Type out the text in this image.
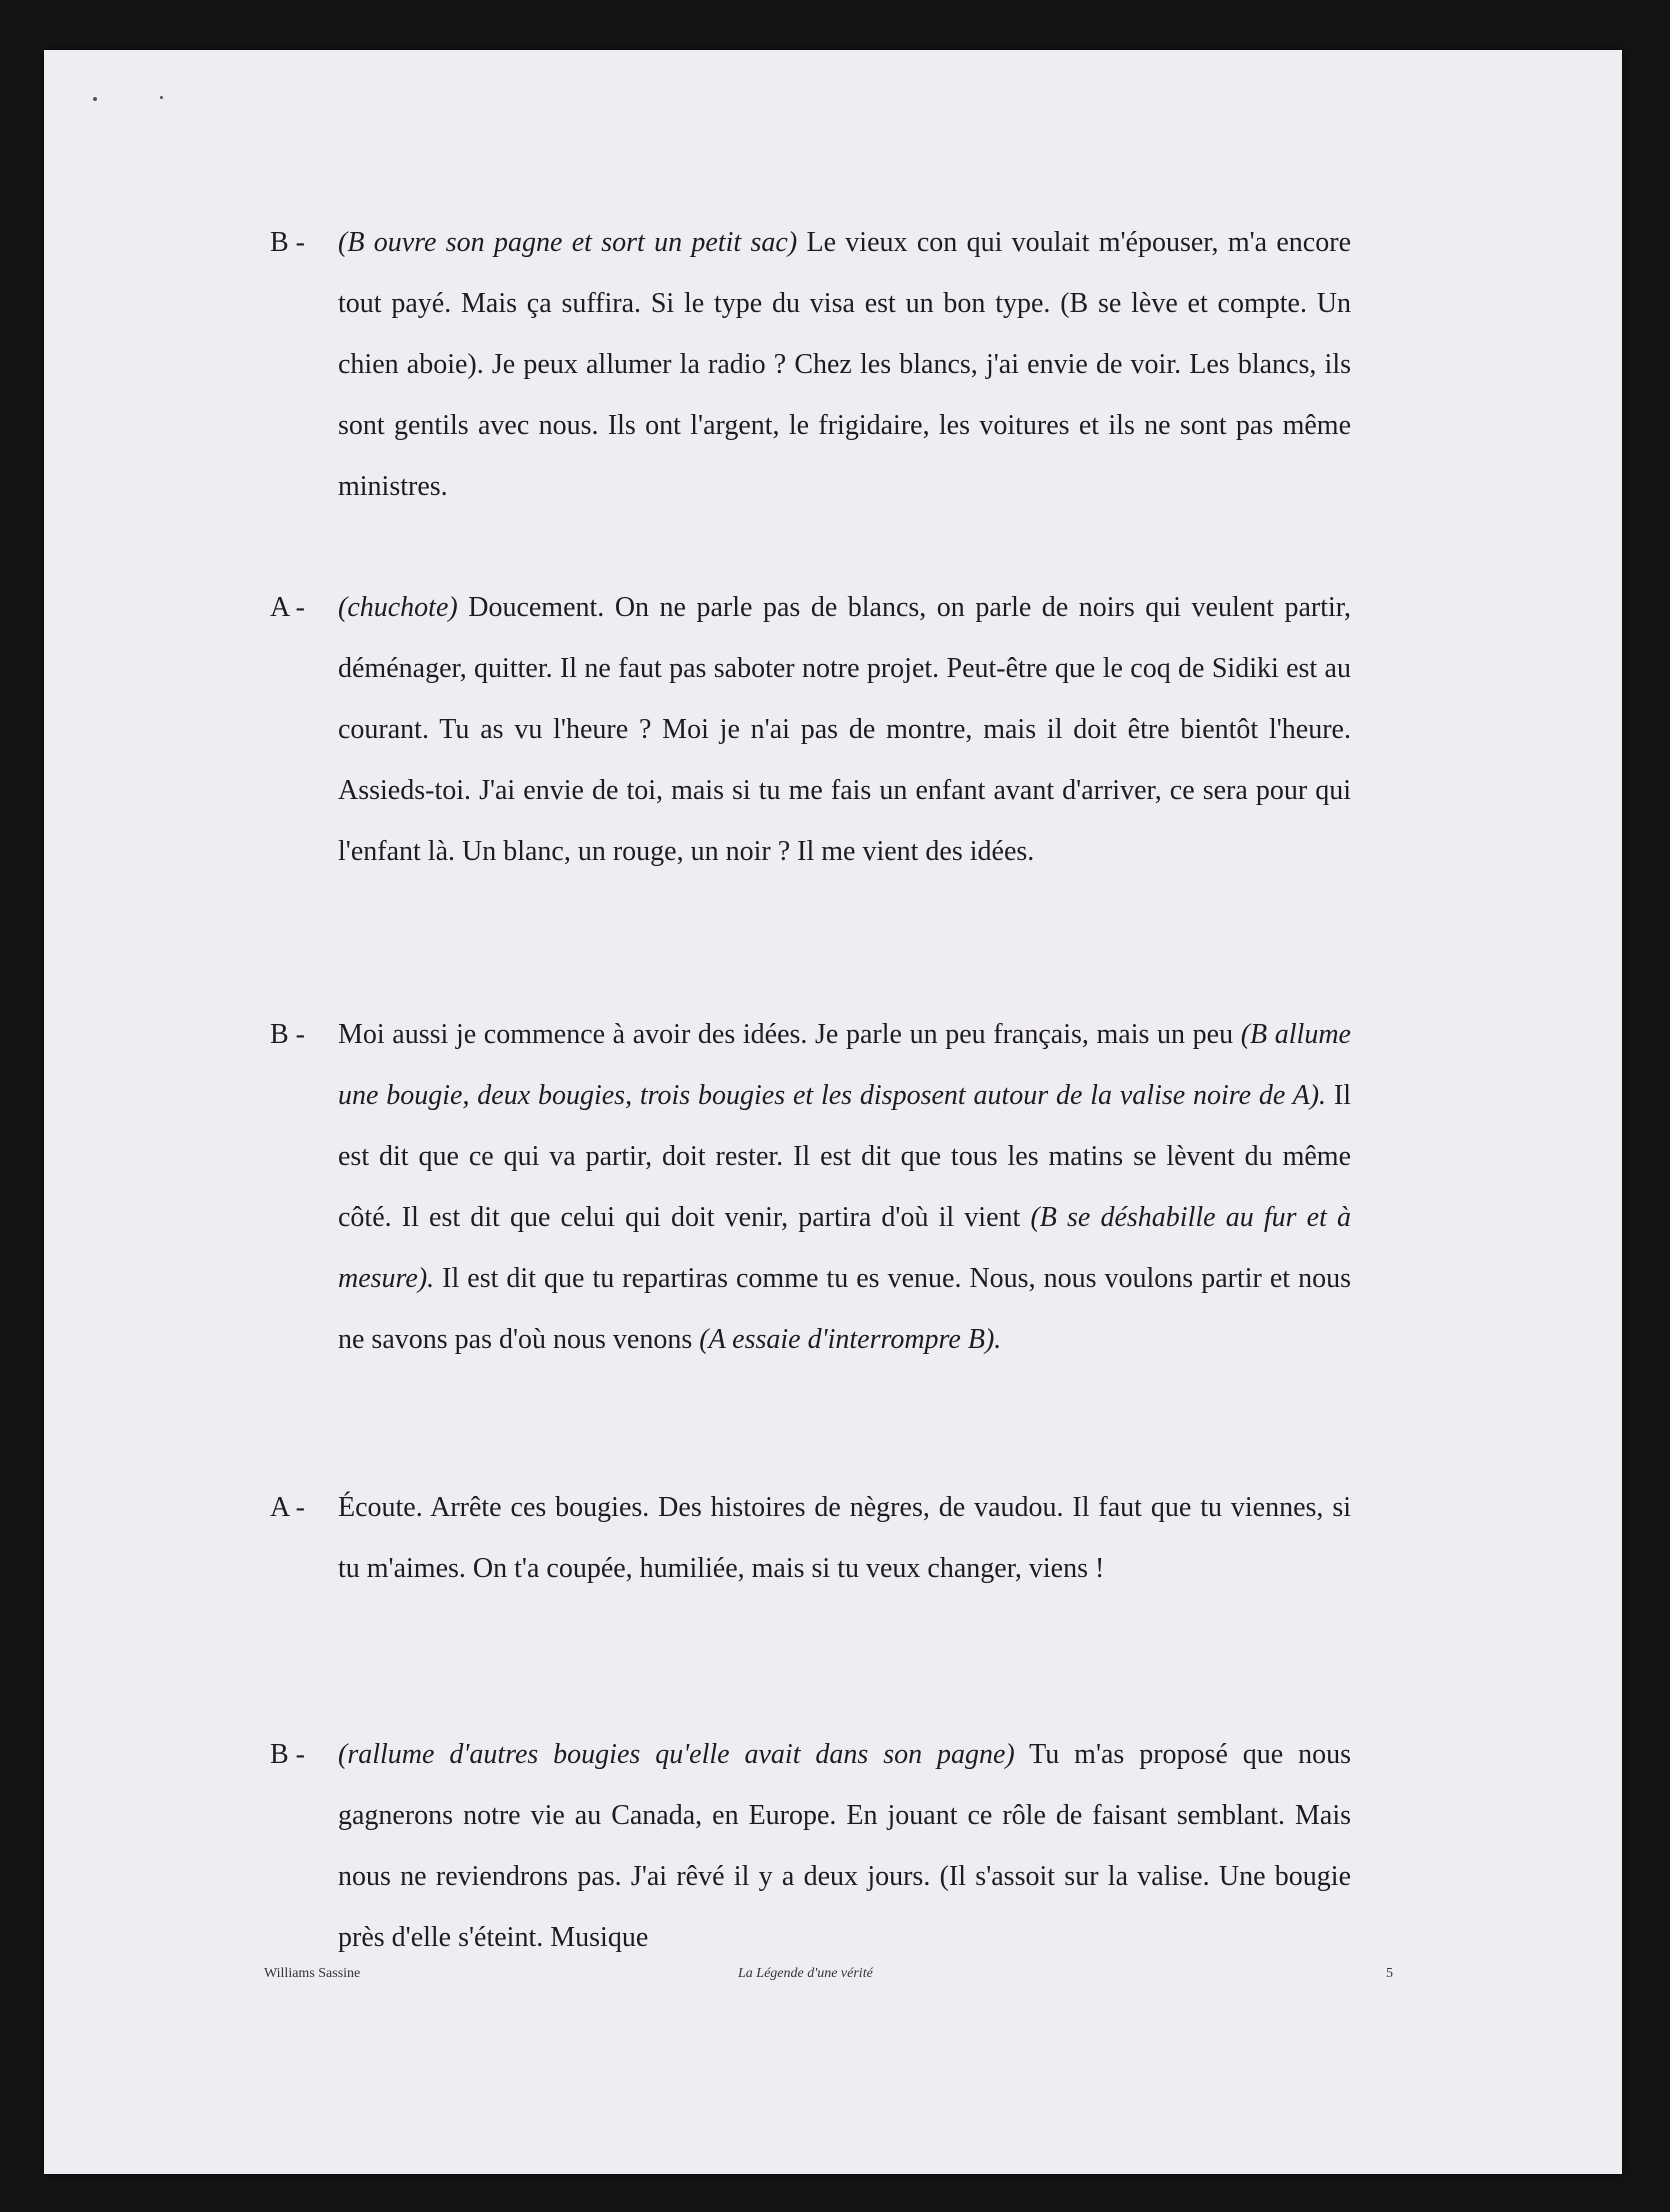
B -	(B ouvre son pagne et sort un petit sac) Le vieux con qui voulait m'épouser, m'a encore tout payé. Mais ça suffira. Si le type du visa est un bon type. (B se lève et compte. Un chien aboie). Je peux allumer la radio ? Chez les blancs, j'ai envie de voir. Les blancs, ils sont gentils avec nous. Ils ont l'argent, le frigidaire, les voitures et ils ne sont pas même ministres.
A -	(chuchote) Doucement. On ne parle pas de blancs, on parle de noirs qui veulent partir, déménager, quitter. Il ne faut pas saboter notre projet. Peut-être que le coq de Sidiki est au courant. Tu as vu l'heure ? Moi je n'ai pas de montre, mais il doit être bientôt l'heure. Assieds-toi. J'ai envie de toi, mais si tu me fais un enfant avant d'arriver, ce sera pour qui l'enfant là. Un blanc, un rouge, un noir ? Il me vient des idées.
B -	Moi aussi je commence à avoir des idées. Je parle un peu français, mais un peu (B allume une bougie, deux bougies, trois bougies et les disposent autour de la valise noire de A). Il est dit que ce qui va partir, doit rester. Il est dit que tous les matins se lèvent du même côté. Il est dit que celui qui doit venir, partira d'où il vient (B se déshabille au fur et à mesure). Il est dit que tu repartiras comme tu es venue. Nous, nous voulons partir et nous ne savons pas d'où nous venons (A essaie d'interrompre B).
A -	Écoute. Arrête ces bougies. Des histoires de nègres, de vaudou. Il faut que tu viennes, si tu m'aimes. On t'a coupée, humiliée, mais si tu veux changer, viens !
B -	(rallume d'autres bougies qu'elle avait dans son pagne) Tu m'as proposé que nous gagnerons notre vie au Canada, en Europe. En jouant ce rôle de faisant semblant. Mais nous ne reviendrons pas. J'ai rêvé il y a deux jours. (Il s'assoit sur la valise. Une bougie près d'elle s'éteint. Musique
Williams Sassine	La Légende d'une vérité	5
